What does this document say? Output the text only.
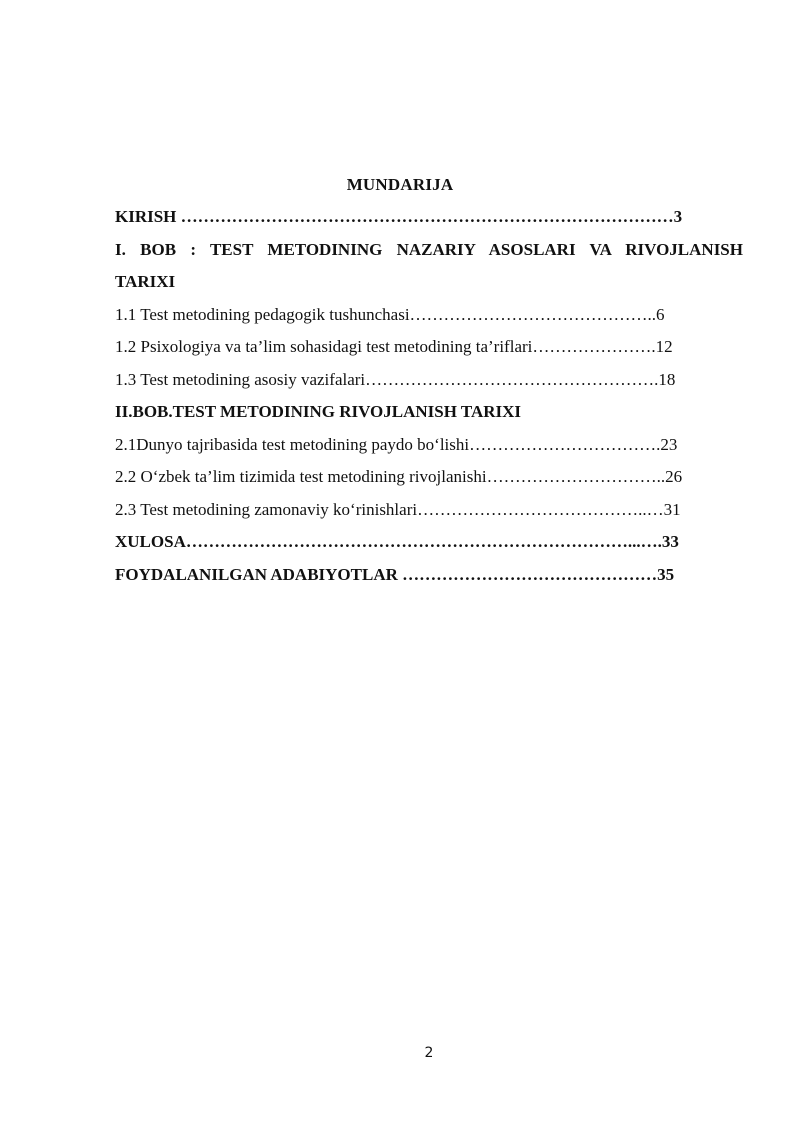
MUNDARIJA
KIRISH ……………………………………………………………………………3
I. BOB : TEST METODINING NAZARIY ASOSLARI VA RIVOJLANISH
TARIXI
1.1 Test metodining pedagogik tushunchasi……………………………………..6
1.2 Psixologiya va ta’lim sohasidagi test metodining ta’riflari………………….12
1.3 Test metodining asosiy vazifalari…………………………………………….18
II.BOB.TEST METODINING RIVOJLANISH TARIXI
2.1Dunyo tajribasida test metodining paydo bo‘lishi…………………………….23
2.2 O‘zbek ta’lim tizimida test metodining rivojlanishi…………………………..26
2.3 Test metodining zamonaviy ko‘rinishlari…………………………………..…31
XULOSA……………………………………………………………………...….33
FOYDALANILGAN ADABIYOTLAR ………………………………………35
2
